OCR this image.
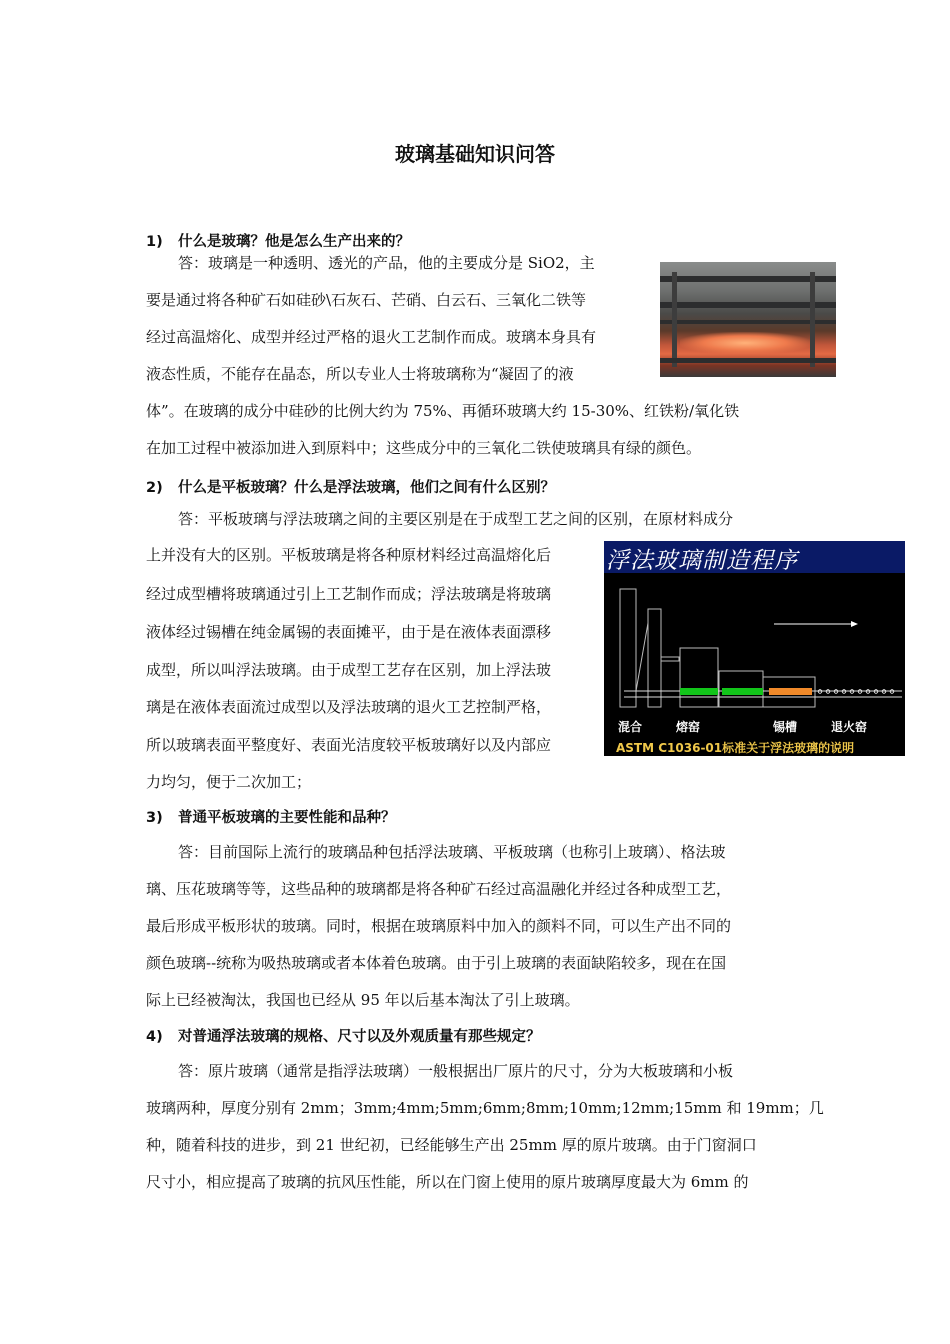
玻璃基础知识问答
1) 什么是玻璃？他是怎么生产出来的？
答：玻璃是一种透明、透光的产品，他的主要成分是 SiO2，主
要是通过将各种矿石如硅砂\石灰石、芒硝、白云石、三氧化二铁等
经过高温熔化、成型并经过严格的退火工艺制作而成。玻璃本身具有
液态性质，不能存在晶态，所以专业人士将玻璃称为“凝固了的液
体”。在玻璃的成分中硅砂的比例大约为 75%、再循环玻璃大约 15-30%、红铁粉/氧化铁
在加工过程中被添加进入到原料中；这些成分中的三氧化二铁使玻璃具有绿的颜色。
2) 什么是平板玻璃？什么是浮法玻璃，他们之间有什么区别？
答：平板玻璃与浮法玻璃之间的主要区别是在于成型工艺之间的区别，在原材料成分
上并没有大的区别。平板玻璃是将各种原材料经过高温熔化后
经过成型槽将玻璃通过引上工艺制作而成；浮法玻璃是将玻璃
液体经过锡槽在纯金属锡的表面摊平，由于是在液体表面漂移
成型，所以叫浮法玻璃。由于成型工艺存在区别，加上浮法玻
璃是在液体表面流过成型以及浮法玻璃的退火工艺控制严格，
所以玻璃表面平整度好、表面光洁度较平板玻璃好以及内部应
力均匀，便于二次加工；
浮法玻璃制造程序
混合	熔窑	锡槽	退火窑
ASTM C1036-01标准关于浮法玻璃的说明
3) 普通平板玻璃的主要性能和品种？
答：目前国际上流行的玻璃品种包括浮法玻璃、平板玻璃（也称引上玻璃）、格法玻
璃、压花玻璃等等，这些品种的玻璃都是将各种矿石经过高温融化并经过各种成型工艺，
最后形成平板形状的玻璃。同时，根据在玻璃原料中加入的颜料不同，可以生产出不同的
颜色玻璃--统称为吸热玻璃或者本体着色玻璃。由于引上玻璃的表面缺陷较多，现在在国
际上已经被淘汰，我国也已经从 95 年以后基本淘汰了引上玻璃。
4) 对普通浮法玻璃的规格、尺寸以及外观质量有那些规定？
答：原片玻璃（通常是指浮法玻璃）一般根据出厂原片的尺寸，分为大板玻璃和小板
玻璃两种，厚度分别有 2mm；3mm;4mm;5mm;6mm;8mm;10mm;12mm;15mm 和 19mm；几
种，随着科技的进步，到 21 世纪初，已经能够生产出 25mm 厚的原片玻璃。由于门窗洞口
尺寸小，相应提高了玻璃的抗风压性能，所以在门窗上使用的原片玻璃厚度最大为 6mm 的
